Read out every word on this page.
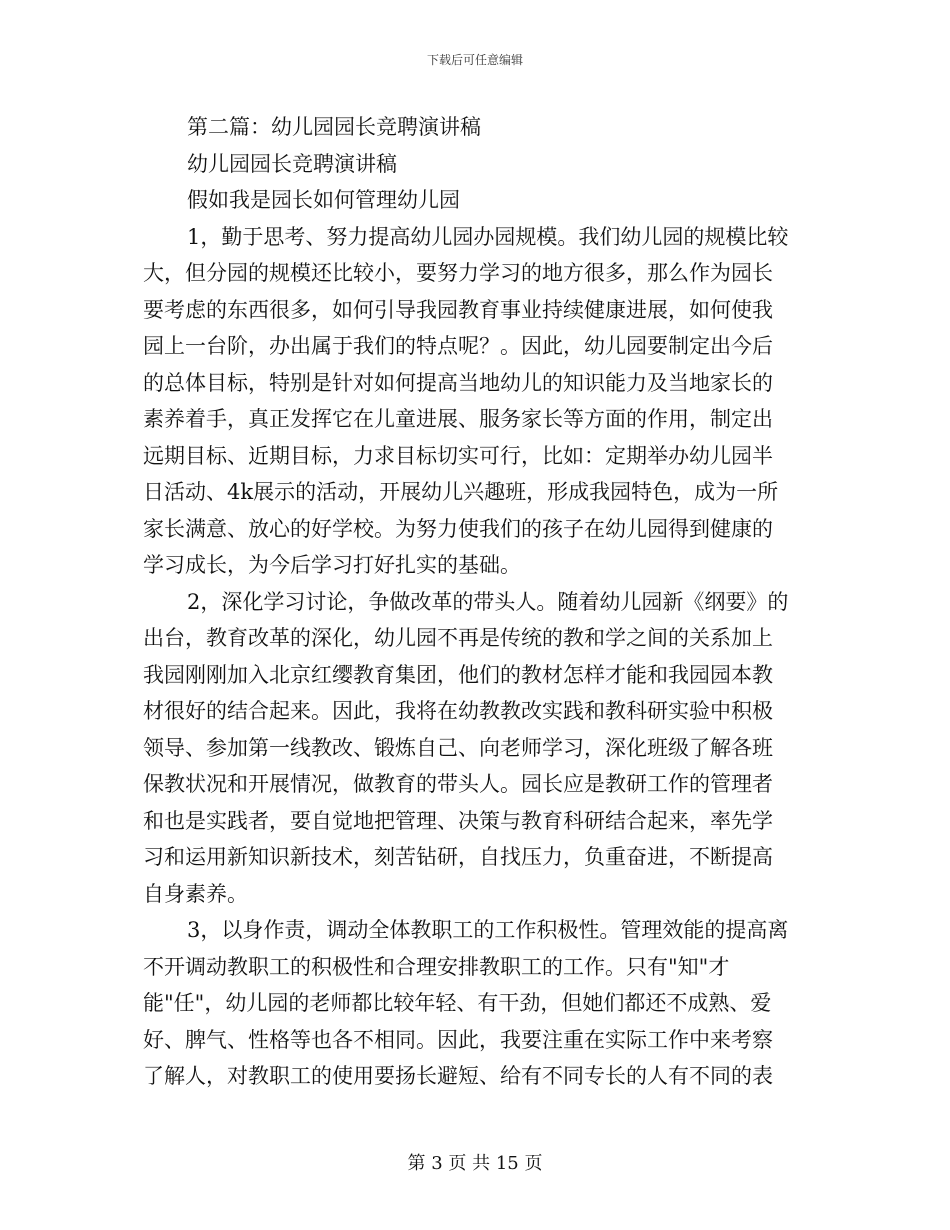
下载后可任意编辑
第二篇：幼儿园园长竞聘演讲稿
幼儿园园长竞聘演讲稿
假如我是园长如何管理幼儿园
1，勤于思考、努力提高幼儿园办园规模。我们幼儿园的规模比较
大，但分园的规模还比较小，要努力学习的地方很多，那么作为园长
要考虑的东西很多，如何引导我园教育事业持续健康进展，如何使我
园上一台阶，办出属于我们的特点呢？。因此，幼儿园要制定出今后
的总体目标，特别是针对如何提高当地幼儿的知识能力及当地家长的
素养着手，真正发挥它在儿童进展、服务家长等方面的作用，制定出
远期目标、近期目标，力求目标切实可行，比如：定期举办幼儿园半
日活动、4k展示的活动，开展幼儿兴趣班，形成我园特色，成为一所
家长满意、放心的好学校。为努力使我们的孩子在幼儿园得到健康的
学习成长，为今后学习打好扎实的基础。
2，深化学习讨论，争做改革的带头人。随着幼儿园新《纲要》的
出台，教育改革的深化，幼儿园不再是传统的教和学之间的关系加上
我园刚刚加入北京红缨教育集团，他们的教材怎样才能和我园园本教
材很好的结合起来。因此，我将在幼教教改实践和教科研实验中积极
领导、参加第一线教改、锻炼自己、向老师学习，深化班级了解各班
保教状况和开展情况，做教育的带头人。园长应是教研工作的管理者
和也是实践者，要自觉地把管理、决策与教育科研结合起来，率先学
习和运用新知识新技术，刻苦钻研，自找压力，负重奋进，不断提高
自身素养。
3，以身作责，调动全体教职工的工作积极性。管理效能的提高离
不开调动教职工的积极性和合理安排教职工的工作。只有"知"才
能"任"，幼儿园的老师都比较年轻、有干劲，但她们都还不成熟、爱
好、脾气、性格等也各不相同。因此，我要注重在实际工作中来考察
了解人，对教职工的使用要扬长避短、给有不同专长的人有不同的表
第 3 页 共 15 页
